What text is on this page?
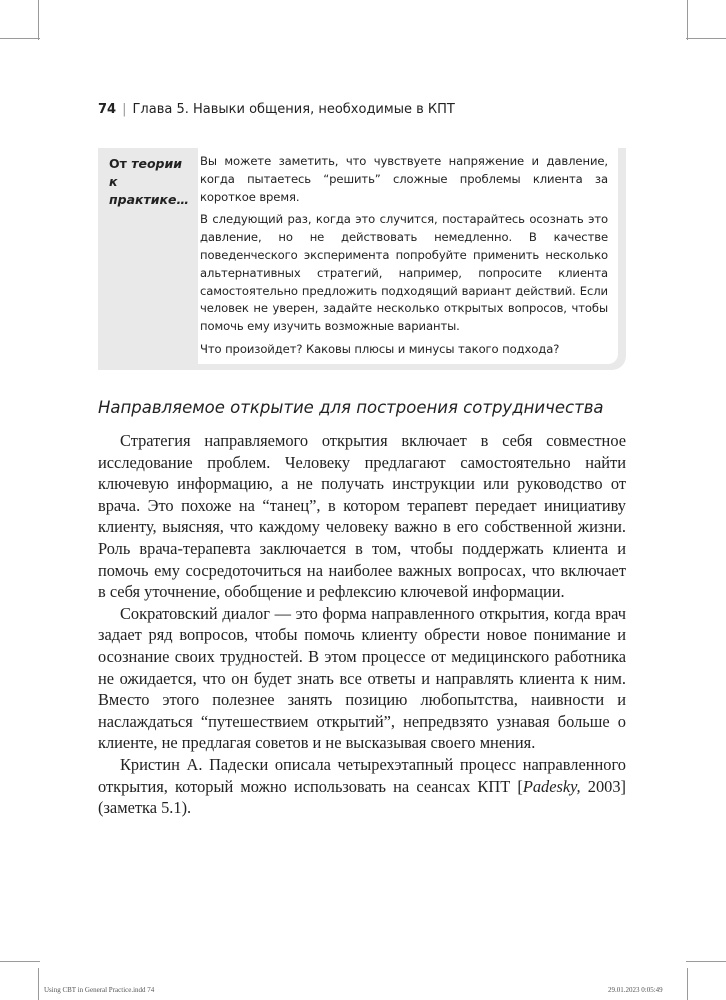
74 | Глава 5. Навыки общения, необходимые в КПТ
От теории
к практике…

Вы можете заметить, что чувствуете напряжение и давление, когда пытаетесь “решить” сложные проблемы клиента за короткое время.

В следующий раз, когда это случится, постарайтесь осознать это давление, но не действовать немедленно. В качестве поведенческого эксперимента попробуйте применить несколько альтернативных стратегий, например, попросите клиента самостоятельно предложить подходящий вариант действий. Если человек не уверен, задайте несколько открытых вопросов, чтобы помочь ему изучить возможные варианты.

Что произойдет? Каковы плюсы и минусы такого подхода?

Направляемое открытие для построения сотрудничества

Стратегия направляемого открытия включает в себя совместное исследование проблем. Человеку предлагают самостоятельно найти ключевую информацию, а не получать инструкции или руководство от врача. Это похоже на “танец”, в котором терапевт передает инициативу клиенту, выясняя, что каждому человеку важно в его собственной жизни. Роль врача-терапевта заключается в том, чтобы поддержать клиента и помочь ему сосредоточиться на наиболее важных вопросах, что включает в себя уточнение, обобщение и рефлексию ключевой информации.

Сократовский диалог — это форма направленного открытия, когда врач задает ряд вопросов, чтобы помочь клиенту обрести новое понимание и осознание своих трудностей. В этом процессе от медицинского работника не ожидается, что он будет знать все ответы и направлять клиента к ним. Вместо этого полезнее занять позицию любопытства, наивности и наслаждаться “путешествием открытий”, непредвзято узнавая больше о клиенте, не предлагая советов и не высказывая своего мнения.

Кристин А. Падески описала четырехэтапный процесс направленного открытия, который можно использовать на сеансах КПТ [Padesky, 2003] (заметка 5.1).

Using CBT in General Practice.indd 74	29.01.2023 0:05:49
